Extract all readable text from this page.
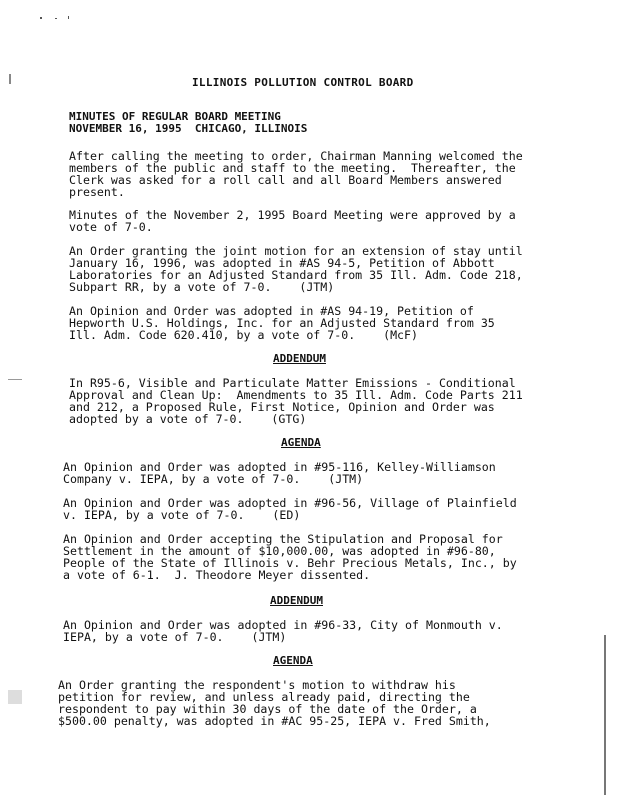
ILLINOIS POLLUTION CONTROL BOARD
MINUTES OF REGULAR BOARD MEETING
NOVEMBER 16, 1995  CHICAGO, ILLINOIS
After calling the meeting to order, Chairman Manning welcomed the
members of the public and staff to the meeting.  Thereafter, the
Clerk was asked for a roll call and all Board Members answered
present.
Minutes of the November 2, 1995 Board Meeting were approved by a
vote of 7-0.
An Order granting the joint motion for an extension of stay until
January 16, 1996, was adopted in #AS 94-5, Petition of Abbott
Laboratories for an Adjusted Standard from 35 Ill. Adm. Code 218,
Subpart RR, by a vote of 7-0.    (JTM)
An Opinion and Order was adopted in #AS 94-19, Petition of
Hepworth U.S. Holdings, Inc. for an Adjusted Standard from 35
Ill. Adm. Code 620.410, by a vote of 7-0.    (McF)
ADDENDUM
In R95-6, Visible and Particulate Matter Emissions - Conditional
Approval and Clean Up:  Amendments to 35 Ill. Adm. Code Parts 211
and 212, a Proposed Rule, First Notice, Opinion and Order was
adopted by a vote of 7-0.    (GTG)
AGENDA
An Opinion and Order was adopted in #95-116, Kelley-Williamson
Company v. IEPA, by a vote of 7-0.    (JTM)
An Opinion and Order was adopted in #96-56, Village of Plainfield
v. IEPA, by a vote of 7-0.    (ED)
An Opinion and Order accepting the Stipulation and Proposal for
Settlement in the amount of $10,000.00, was adopted in #96-80,
People of the State of Illinois v. Behr Precious Metals, Inc., by
a vote of 6-1.  J. Theodore Meyer dissented.
ADDENDUM
An Opinion and Order was adopted in #96-33, City of Monmouth v.
IEPA, by a vote of 7-0.    (JTM)
AGENDA
An Order granting the respondent's motion to withdraw his
petition for review, and unless already paid, directing the
respondent to pay within 30 days of the date of the Order, a
$500.00 penalty, was adopted in #AC 95-25, IEPA v. Fred Smith,
